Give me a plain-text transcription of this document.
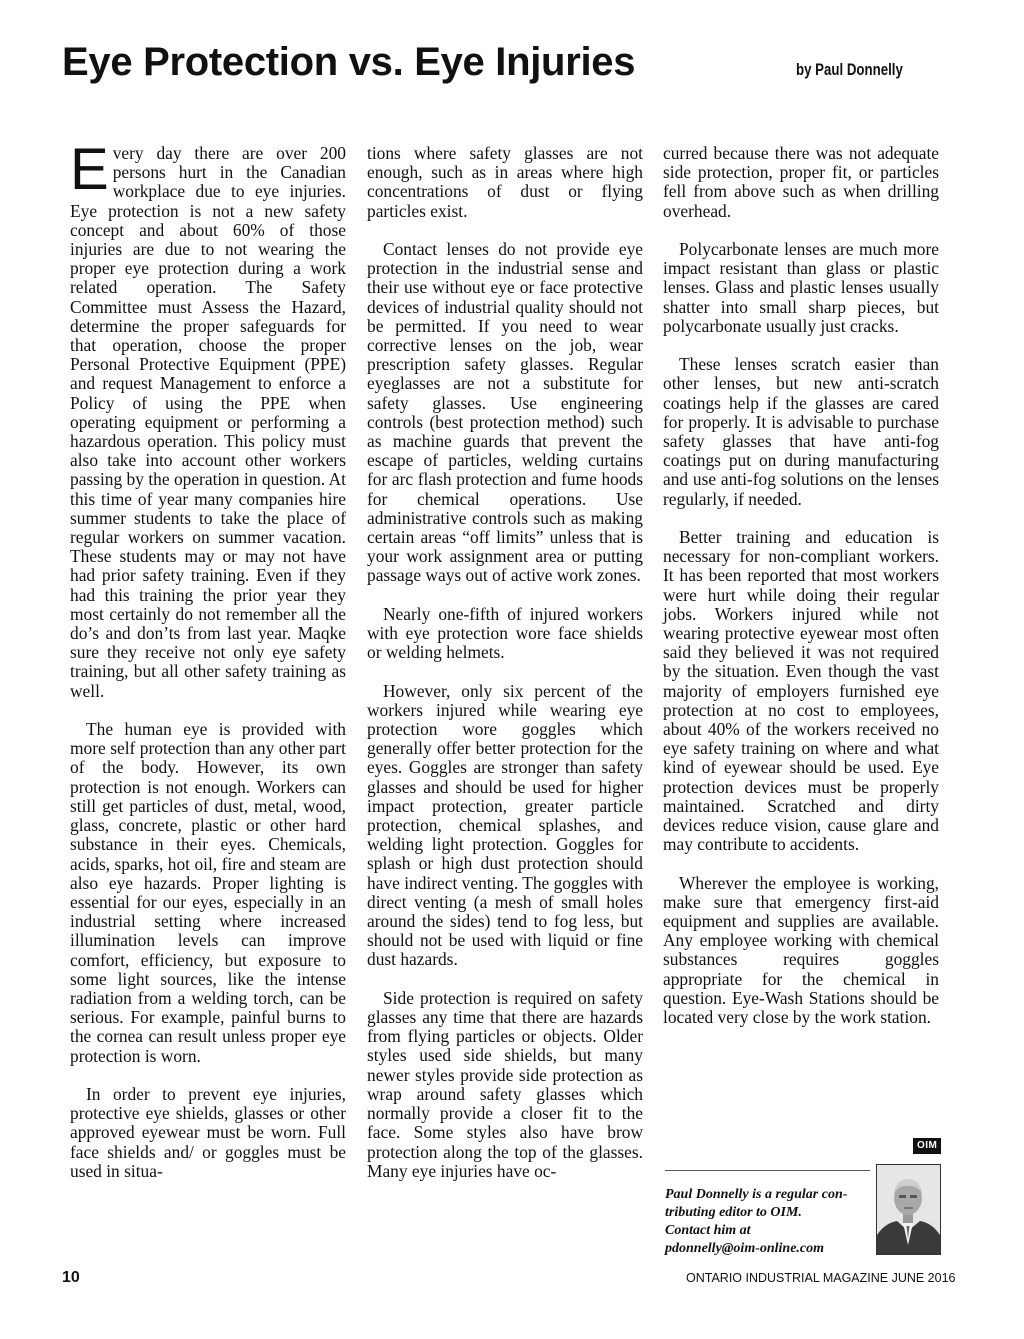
Eye Protection vs. Eye Injuries	by Paul Donnelly

Every day there are over 200 persons hurt in the Canadian workplace due to eye injuries. Eye protection is not a new safety concept and about 60% of those injuries are due to not wearing the proper eye protection during a work related operation. The Safety Committee must Assess the Hazard, determine the proper safeguards for that operation, choose the proper Personal Protective Equipment (PPE) and request Management to enforce a Policy of using the PPE when operating equipment or performing a hazardous operation. This policy must also take into account other workers passing by the operation in question. At this time of year many companies hire summer students to take the place of regular workers on summer vacation. These students may or may not have had prior safety training. Even if they had this training the prior year they most certainly do not remember all the do’s and don’ts from last year. Maqke sure they receive not only eye safety training, but all other safety training as well.

The human eye is provided with more self protection than any other part of the body. However, its own protection is not enough. Workers can still get particles of dust, metal, wood, glass, concrete, plastic or other hard substance in their eyes. Chemicals, acids, sparks, hot oil, fire and steam are also eye hazards. Proper lighting is essential for our eyes, especially in an industrial setting where increased illumination levels can improve comfort, efficiency, but exposure to some light sources, like the intense radiation from a welding torch, can be serious. For example, painful burns to the cornea can result unless proper eye protection is worn.

In order to prevent eye injuries, protective eye shields, glasses or other approved eyewear must be worn. Full face shields and/ or goggles must be used in situa-

tions where safety glasses are not enough, such as in areas where high concentrations of dust or flying particles exist.

Contact lenses do not provide eye protection in the industrial sense and their use without eye or face protective devices of industrial quality should not be permitted. If you need to wear corrective lenses on the job, wear prescription safety glasses. Regular eyeglasses are not a substitute for safety glasses. Use engineering controls (best protection method) such as machine guards that prevent the escape of particles, welding curtains for arc flash protection and fume hoods for chemical operations. Use administrative controls such as making certain areas “off limits” unless that is your work assignment area or putting passage ways out of active work zones.

Nearly one-fifth of injured workers with eye protection wore face shields or welding helmets.

However, only six percent of the workers injured while wearing eye protection wore goggles which generally offer better protection for the eyes. Goggles are stronger than safety glasses and should be used for higher impact protection, greater particle protection, chemical splashes, and welding light protection. Goggles for splash or high dust protection should have indirect venting. The goggles with direct venting (a mesh of small holes around the sides) tend to fog less, but should not be used with liquid or fine dust hazards.

Side protection is required on safety glasses any time that there are hazards from flying particles or objects. Older styles used side shields, but many newer styles provide side protection as wrap around safety glasses which normally provide a closer fit to the face. Some styles also have brow protection along the top of the glasses. Many eye injuries have oc-

curred because there was not adequate side protection, proper fit, or particles fell from above such as when drilling overhead.

Polycarbonate lenses are much more impact resistant than glass or plastic lenses. Glass and plastic lenses usually shatter into small sharp pieces, but polycarbonate usually just cracks.

These lenses scratch easier than other lenses, but new anti-scratch coatings help if the glasses are cared for properly. It is advisable to purchase safety glasses that have anti-fog coatings put on during manufacturing and use anti-fog solutions on the lenses regularly, if needed.

Better training and education is necessary for non-compliant workers. It has been reported that most workers were hurt while doing their regular jobs. Workers injured while not wearing protective eyewear most often said they believed it was not required by the situation. Even though the vast majority of employers furnished eye protection at no cost to employees, about 40% of the workers received no eye safety training on where and what kind of eyewear should be used. Eye protection devices must be properly maintained. Scratched and dirty devices reduce vision, cause glare and may contribute to accidents.

Wherever the employee is working, make sure that emergency first-aid equipment and supplies are available. Any employee working with chemical substances requires goggles appropriate for the chemical in question. Eye-Wash Stations should be located very close by the work station.

OIM
Paul Donnelly is a regular con-
tributing editor to OIM.
Contact him at
pdonnelly@oim-online.com
10	ONTARIO INDUSTRIAL MAGAZINE JUNE 2016
